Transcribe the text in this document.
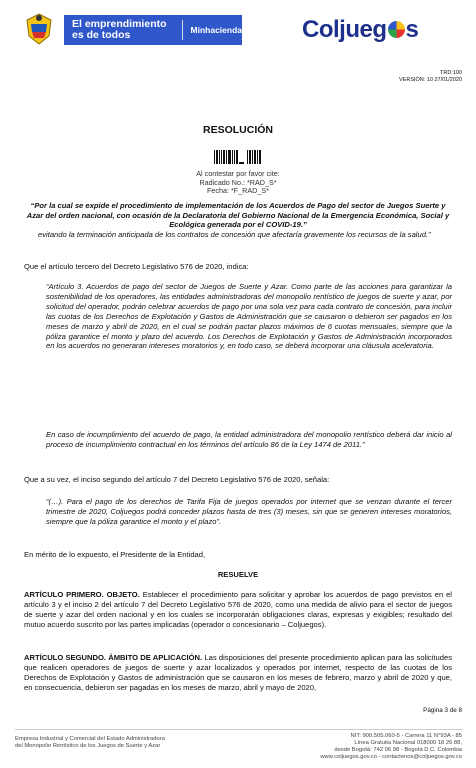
El emprendimiento
es de todos	Minhacienda	Coljueg s
TRD:100
VERSIÓN: 10 27/01/2020
RESOLUCIÓN
Al contestar por favor cite:
Radicado No.: *RAD_S*
Fecha: *F_RAD_S*
“Por la cual se expide el procedimiento de implementación de los Acuerdos de Pago del sector de Juegos Suerte y Azar del orden nacional, con ocasión de la Declaratoria del Gobierno Nacional de la Emergencia Económica, Social y Ecológica generada por el COVID-19.”
evitando la terminación anticipada de los contratos de concesión que afectaría gravemente los recursos de la salud.”
Que el artículo tercero del Decreto Legislativo 576 de 2020, indica:
“Artículo 3. Acuerdos de pago del sector de Juegos de Suerte y Azar. Como parte de las acciones para garantizar la sostenibilidad de los operadores, las entidades administradoras del monopolio rentístico de juegos de suerte y azar, por solicitud del operador, podrán celebrar acuerdos de pago por una sola vez para cada contrato de concesión, para incluir las cuotas de los Derechos de Explotación y Gastos de Administración que se causaron o debieron ser pagados en los meses de marzo y abril de 2020, en el cual se podrán pactar plazos máximos de 6 cuotas mensuales, siempre que la póliza garantice el monto y plazo del acuerdo. Los Derechos de Explotación y Gastos de Administración incorporados en los acuerdos no generaran intereses moratorios y, en todo caso, se deberá incorporar una cláusula aceleratoria.
En caso de incumplimiento del acuerdo de pago, la entidad administradora del monopolio rentístico deberá dar inicio al proceso de incumplimiento contractual en los términos del artículo 86 de la Ley 1474 de 2011.”
Que a su vez, el inciso segundo del artículo 7 del Decreto Legislativo 576 de 2020, señala:
“(…). Para el pago de los derechos de Tarifa Fija de juegos operados por internet que se venzan durante el tercer trimestre de 2020, Coljuegos podrá conceder plazos hasta de tres (3) meses, sin que se generen intereses moratorios, siempre que la póliza garantice el monto y el plazo”.
En mérito de lo expuesto, el Presidente de la Entidad,
RESUELVE
ARTÍCULO PRIMERO. OBJETO. Establecer el procedimiento para solicitar y aprobar los acuerdos de pago previstos en el artículo 3 y el inciso 2 del artículo 7 del Decreto Legislativo 576 de 2020, como una medida de alivio para el sector de juegos de suerte y azar del orden nacional y en los cuales se incorporarán obligaciones claras, expresas y exigibles; resultado del mutuo acuerdo suscrito por las partes implicadas (operador o concesionario – Coljuegos).
ARTÍCULO SEGUNDO. ÁMBITO DE APLICACIÓN. Las disposiciones del presente procedimiento aplican para las solicitudes que realicen operadores de juegos de suerte y azar localizados y operados por internet, respecto de las cuotas de los Derechos de Explotación y Gastos de administración que se causaron en los meses de febrero, marzo y abril de 2020 y que, en consecuencia, debieron ser pagadas en los meses de marzo, abril y mayo de 2020,
Página 3 de 8
Empresa Industrial y Comercial del Estado Administradora
del Monopolio Rentístico de los Juegos de Suerte y Azar
NIT: 900.505.060-5 - Carrera 11 N°93A - 85
Línea Gratuita Nacional 018000 18 26 88,
desde Bogotá: 742 06 98 - Bogotá D.C. Colombia
www.coljuegos.gov.co - contactenos@coljuegos.gov.co
